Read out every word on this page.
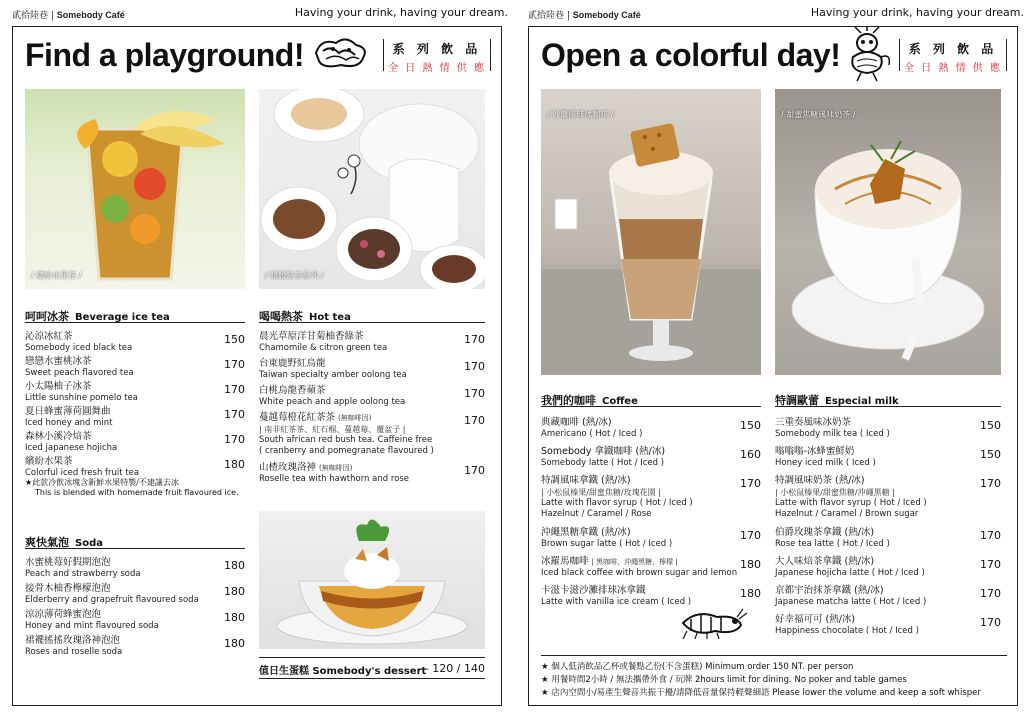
貳拾陸巷 | Somebody Café	Having your drink, having your dream.
Find a playground!	系 列 飲 品
全 日 熱 情 供 應
/ 繽紛水果茶 /	/ 暖暖熱茶系列 /
呵呵冰茶 Beverage ice tea
沁涼冰紅茶
Somebody iced black tea
150
戀戀水蜜桃冰茶
Sweet peach flavored tea
170
小太陽柚子冰茶
Little sunshine pomelo tea
170
夏日蜂蜜薄荷圓舞曲
Iced honey and mint
170
森林小溪冷焙茶
Iced japanese hojicha
170
繽紛水果茶
Colorful iced fresh fruit tea
180
★此款冷飲冰塊含新鮮水果特製/不建議去冰
This is blended with homemade fruit flavoured ice.
爽快氣泡 Soda
水蜜桃莓好假期泡泡
Peach and strawberry soda
180
接骨木柚香檸檬泡泡
Elderberry and grapefruit flavoured soda
180
涼涼薄荷蜂蜜泡泡
Honey and mint flavoured soda
180
裙襬搖搖玫瑰洛神泡泡
Roses and roselle soda
180
喝喝熱茶 Hot tea
晨光草原洋甘菊柚香綠茶
Chamomile & citron green tea
170
台東鹿野紅烏龍
Taiwan specialty amber oolong tea
170
白桃烏龍香蘋茶
White peach and apple oolong tea
170
蔓越莓橙花紅茶茶 (無咖啡因)
| 南非紅茶茶、紅石榴、蔓越莓、覆盆子 |
South african red bush tea. Caffeine free
( cranberry and pomegranate flavoured )
170
山楂玫瑰洛神 (無咖啡因)
Roselle tea with hawthorn and rose
170
值日生蛋糕 Somebody's dessert
— 120 / 140
貳拾陸巷 | Somebody Café	Having your drink, having your dream.
Open a colorful day!	系 列 飲 品
全 日 熱 情 供 應
/ 沙灘排球冰咖啡 /	/ 甜蜜焦糖風味奶茶 /
我們的咖啡 Coffee
典藏咖啡 (熱/冰)
Americano ( Hot / Iced )
150
Somebody 拿鐵咖啡 (熱/冰)
Somebody latte ( Hot / Iced )
160
特調風味拿鐵 (熱/冰)
| 小松鼠榛果/甜蜜焦糖/玫瑰花園 |
Latte with flavor syrup ( Hot / Iced )
Hazelnut / Caramel / Rose
170
沖繩黑糖拿鐵 (熱/冰)
Brown sugar latte ( Hot / Iced )
170
冰羅馬咖啡 | 黑咖啡，沖繩黑糖，檸檬 |
Iced black coffee with brown sugar and lemon
180
卡滋卡滋沙灘排球冰拿鐵
Latte with vanilla ice cream ( Iced )
180
特調歐蕾 Especial milk
三重奏風味冰奶茶
Somebody milk tea ( Iced )
150
嗡嗡嗡-冰蜂蜜鮮奶
Honey iced milk ( Iced )
150
特調風味奶茶 (熱/冰)
| 小松鼠榛果/甜蜜焦糖/沖繩黑糖 |
Latte with flavor syrup ( Hot / Iced )
Hazelnut / Caramel / Brown sugar
170
伯爵玫瑰茶拿鐵 (熱/冰)
Rose tea latte ( Hot / Iced )
170
大人味焙茶拿鐵 (熱/冰)
Japanese hojicha latte ( Hot / Iced )
170
京都宇治抹茶拿鐵 (熱/冰)
Japanese matcha latte ( Hot / Iced )
170
好幸福可可 (熱/冰)
Happiness chocolate ( Hot / Iced )
170
★ 個人低消飲品乙杯或餐點乙份(不含蛋糕) Minimum order 150 NT. per person
★ 用餐時間2小時 / 無法攜帶外食 / 玩牌 2hours limit for dining. No poker and table games
★ 店內空間小/易產生聲音共振干擾/請降低音量保持輕聲細語 Please lower the volume and keep a soft whisper
